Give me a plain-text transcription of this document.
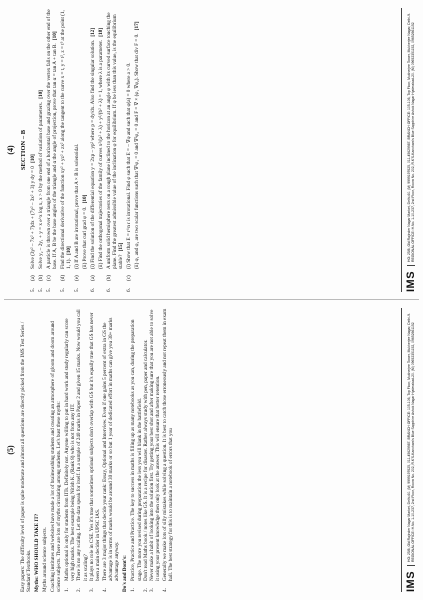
(5) Easy papers: The difficulty level of paper is quite moderate and almost all questions are directly picked from the IMS Test Series / Standard Textbooks. Myths: WHO SHOULD TAKE IT? Myths around science subjects. Coaching institutes and websites have made a lot of brainwashing students and creating an atmosphere of gloom and doom around science subjects. There are lots of myths circulating among students. Let's bust these myths: 1.
Maths optional is only for students from IITs. Definitely not. Anyone willing to put in hard work and study regularly can score very high marks. The best example being Nitish K. (Rank 8) who is not from any IIT.
2.
There is no any scaling. Let the data speak for itself. In a sample of 240 marks in Paper 2 and given 15 marks. Now would you call it as scaling?
3.
It plays no role in CSE. Yes it's true that sometimes optional subjects don't overlap with GS but it's equally true that GS has never been a main decider in UPSC IAS.
4.
There are 3 major things that decide your rank: Essay, Optional and Interview. Even if one gains 5 percent of extra in GS the advantage is in terms of marks would be around 30 marks or so but 1 year of dedicated effort in maths can give you 30+ marks advantage anyway. Do's and Dont's: 1.
Practice, Practice and Practice. The key to success in maths is filling up as many notebooks as you can, during the preparation stage. The more you revised during preparation the less you will blank in the battlefield.
2.
Don't read Maths book / notes like GS. It is a recipe for disaster. Rather always study with pen, paper and calculator.
3.
Never make a habit of looking into the solution first. Try getting your best shot and after making sure that you are not able to solve it using your present knowledge then only look at the answer. This will ensure that better retention.
4.
Generally we make lots of silly mistakes while solving a question. It is best to catch those erroneously and not repeat them in exam hall. The best strategy for this is to maintain a notebook of errors that you
IMS
HO: 25/8, Old Rajinder Nagar Market, Delhi-60. (M) 9999197625, 011-45629987. BRANCH OFFICE: 105-106, Top Floor, Mukherjee Tower, Mukherjee Nagar, Delhi-9. REGIONAL OFFICE: H.No. 1-10-237, 2nd Floor, Room No. 202, R.K'S-Kancham's Blue Sapphire Ashok Nagar Hyderabad-20. (M) 09652351152, 09652661152
(4) SECTION – B
5.
(a)
Solve (3y² – 7x² + 7)dx + (7y² – 3x² + 3) y dy = 0 [10]
5.
(b)
Solve y₂ – 2y₁ + y = x e^x log x, x > 0 by the method of variation of parameters. [10]
5.
(c)
A particle is thrown over a triangle from one end of a horizontal base and grazing over the vertex falls on the other end of the base. If A, B be the base angles of the triangle and α the angle of projection, prove that tan α = tan A + tan B. [10]
5.
(d)
Find the directional derivative of the function xy² + yz² + zx² along the tangent to the curve x = t, y = t², z = t³ at the point (1, 1, 1). [10]
5.
(e)
(i) If A and B are irrotational, prove that A × B is solenoidal. (ii) Prove that curl grad φ = 0. [10]
6.
(a)
(i) Find the solution of the differential equation y = 2xp – yp² where p = dy/dx. Also find the singular solution. [12]
(ii) Find the orthogonal trajectories of the family of curves x²/(a² + λ) + y²/(b² + λ) = 1, where λ is a parameter. [18]
6.
(b)
A uniform solid hemisphere rests on a rough plane inclined to the horizon at an angle φ with its curved surface touching the plane. Find the greatest admissible value of the inclination φ for equilibrium. If φ be less than this value, is the equilibrium stable? [15]
6.
(c)
(i) Show that E = r^n r is irrotational. Find φ such that E = – ∇φ and such that φ(a) = 0 where a > 0. (ii) φ₁ and φ₂ are two scalar functions such that ∇²φ₁ = 0 and ∇²φ₂ = 0 and F = ∇ × (φ₁ ∇φ₂). Show that div F = 0. [17]
IMS
HO: 25/8, Old Rajinder Nagar Market, Delhi-60. (M) 9999197625, 011-45629987. BRANCH OFFICE: 105-106, Top Floor, Mukherjee Tower, Mukherjee Nagar, Delhi-9. REGIONAL OFFICE: H.No. 1-10-237, 2nd Floor, Room No. 202, R.K'S-Kancham's Blue Sapphire Ashok Nagar Hyderabad-20. (M) 09652351152, 09652661152
